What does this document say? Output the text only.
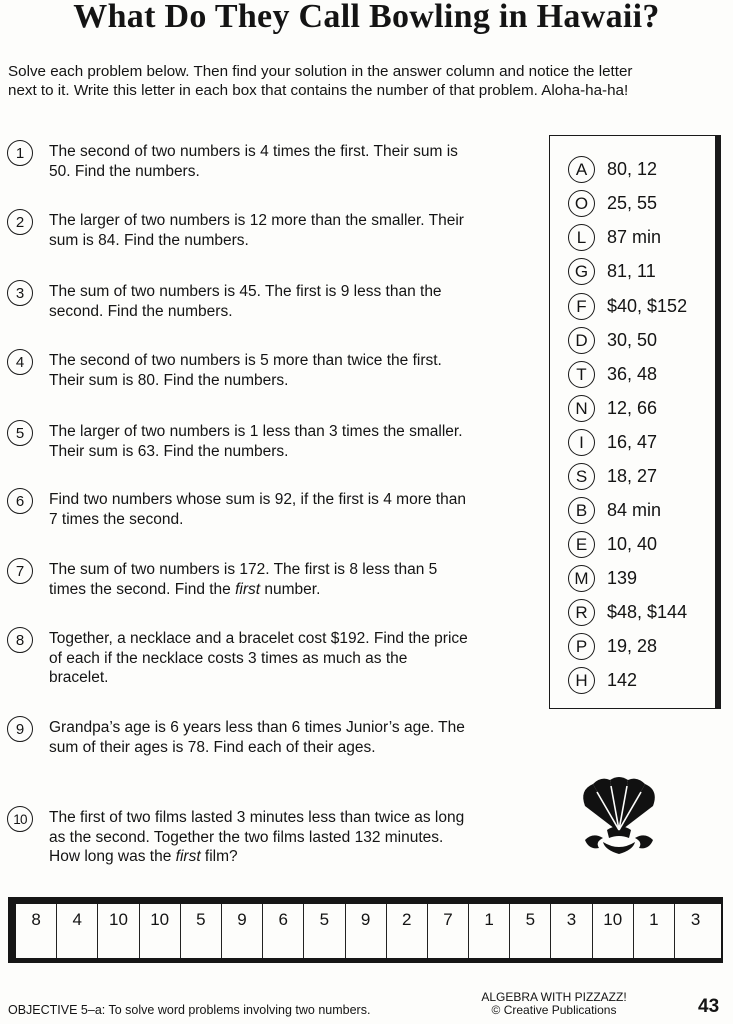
What Do They Call Bowling in Hawaii?

Solve each problem below. Then find your solution in the answer column and notice the letter next to it. Write this letter in each box that contains the number of that problem. Aloha-ha-ha!

1	The second of two numbers is 4 times the first. Their sum is 50. Find the numbers.
2	The larger of two numbers is 12 more than the smaller. Their sum is 84. Find the numbers.
3	The sum of two numbers is 45. The first is 9 less than the second. Find the numbers.
4	The second of two numbers is 5 more than twice the first. Their sum is 80. Find the numbers.
5	The larger of two numbers is 1 less than 3 times the smaller. Their sum is 63. Find the numbers.
6	Find two numbers whose sum is 92, if the first is 4 more than 7 times the second.
7	The sum of two numbers is 172. The first is 8 less than 5 times the second. Find the first number.
8	Together, a necklace and a bracelet cost $192. Find the price of each if the necklace costs 3 times as much as the bracelet.
9	Grandpa’s age is 6 years less than 6 times Junior’s age. The sum of their ages is 78. Find each of their ages.
10	The first of two films lasted 3 minutes less than twice as long as the second. Together the two films lasted 132 minutes. How long was the first film?
A	80, 12
O	25, 55
L	87 min
G	81, 11
F	$40, $152
D	30, 50
T	36, 48
N	12, 66
I	16, 47
S	18, 27
B	84 min
E	10, 40
M	139
R	$48, $144
P	19, 28
H	142
8	4	10	10	5	9	6	5	9	2	7	1	5	3	10	1	3
OBJECTIVE 5–a: To solve word problems involving two numbers.
ALGEBRA WITH PIZZAZZ!
© Creative Publications	43
